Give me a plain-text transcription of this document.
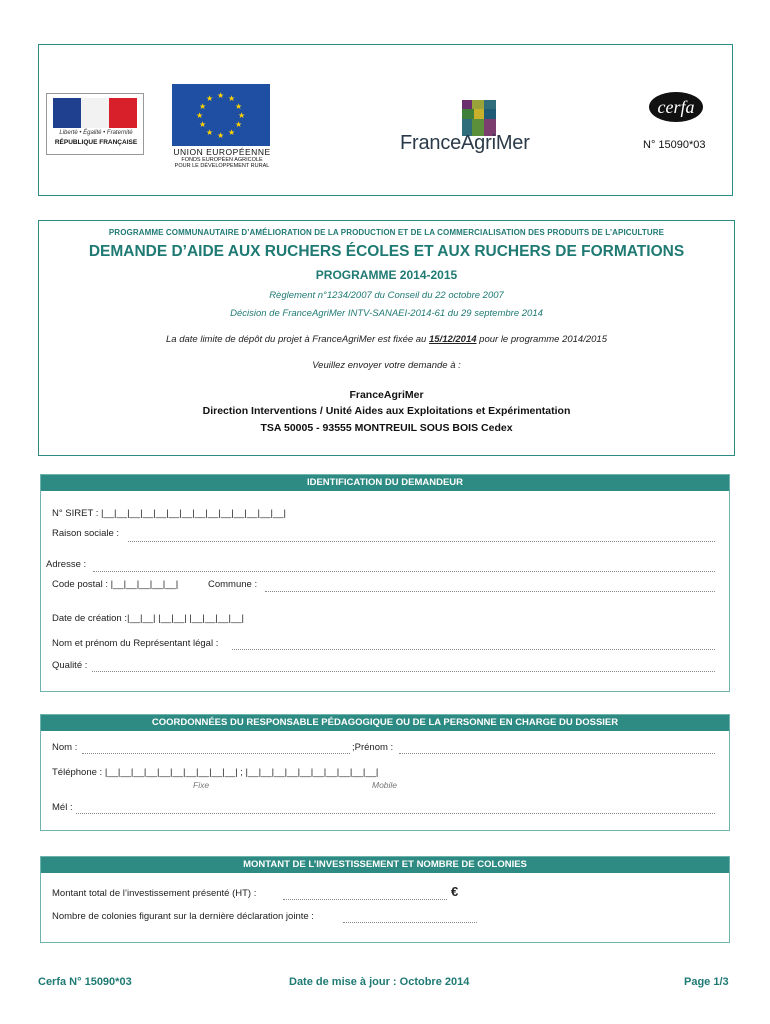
Liberté • Égalité • Fraternité
RÉPUBLIQUE FRANÇAISE
★ ★
★
★
★
★
★
★
★
★
★
★
UNION EUROPÉENNE
FONDS EUROPÉEN AGRICOLE
POUR LE DÉVELOPPEMENT RURAL
FranceAgriMer
cerfa
N° 15090*03
PROGRAMME COMMUNAUTAIRE D’AMÉLIORATION DE LA PRODUCTION ET DE LA COMMERCIALISATION DES PRODUITS DE L’APICULTURE
DEMANDE D’AIDE AUX RUCHERS ÉCOLES ET AUX RUCHERS DE FORMATIONS
PROGRAMME 2014-2015
Règlement n°1234/2007 du Conseil du 22 octobre 2007
Décision de FranceAgriMer INTV-SANAEI-2014-61 du 29 septembre 2014
La date limite de dépôt du projet à FranceAgriMer est fixée au 15/12/2014 pour le programme 2014/2015
Veuillez envoyer votre demande à :
FranceAgriMer
Direction Interventions / Unité Aides aux Exploitations et Expérimentation
TSA 50005 - 93555 MONTREUIL SOUS BOIS Cedex
IDENTIFICATION DU DEMANDEUR
N° SIRET : |__|__|__|__|__|__|__|__|__|__|__|__|__|__|
Raison sociale :
Adresse :
Code postal : |__|__|__|__|__|	Commune :
Date de création :|__|__| |__|__| |__|__|__|__|
Nom et prénom du Représentant légal :
Qualité :
COORDONNÉES DU RESPONSABLE PÉDAGOGIQUE OU DE LA PERSONNE EN CHARGE DU DOSSIER
Nom :	;Prénom :
Téléphone : |__|__|__|__|__|__|__|__|__|__| ; |__|__|__|__|__|__|__|__|__|__|
Fixe	Mobile
Mél :
MONTANT DE L’INVESTISSEMENT ET NOMBRE DE COLONIES
Montant total de l’investissement présenté (HT) :	€
Nombre de colonies figurant sur la dernière déclaration jointe :
Cerfa N° 15090*03	Date de mise à jour : Octobre 2014	Page 1/3
